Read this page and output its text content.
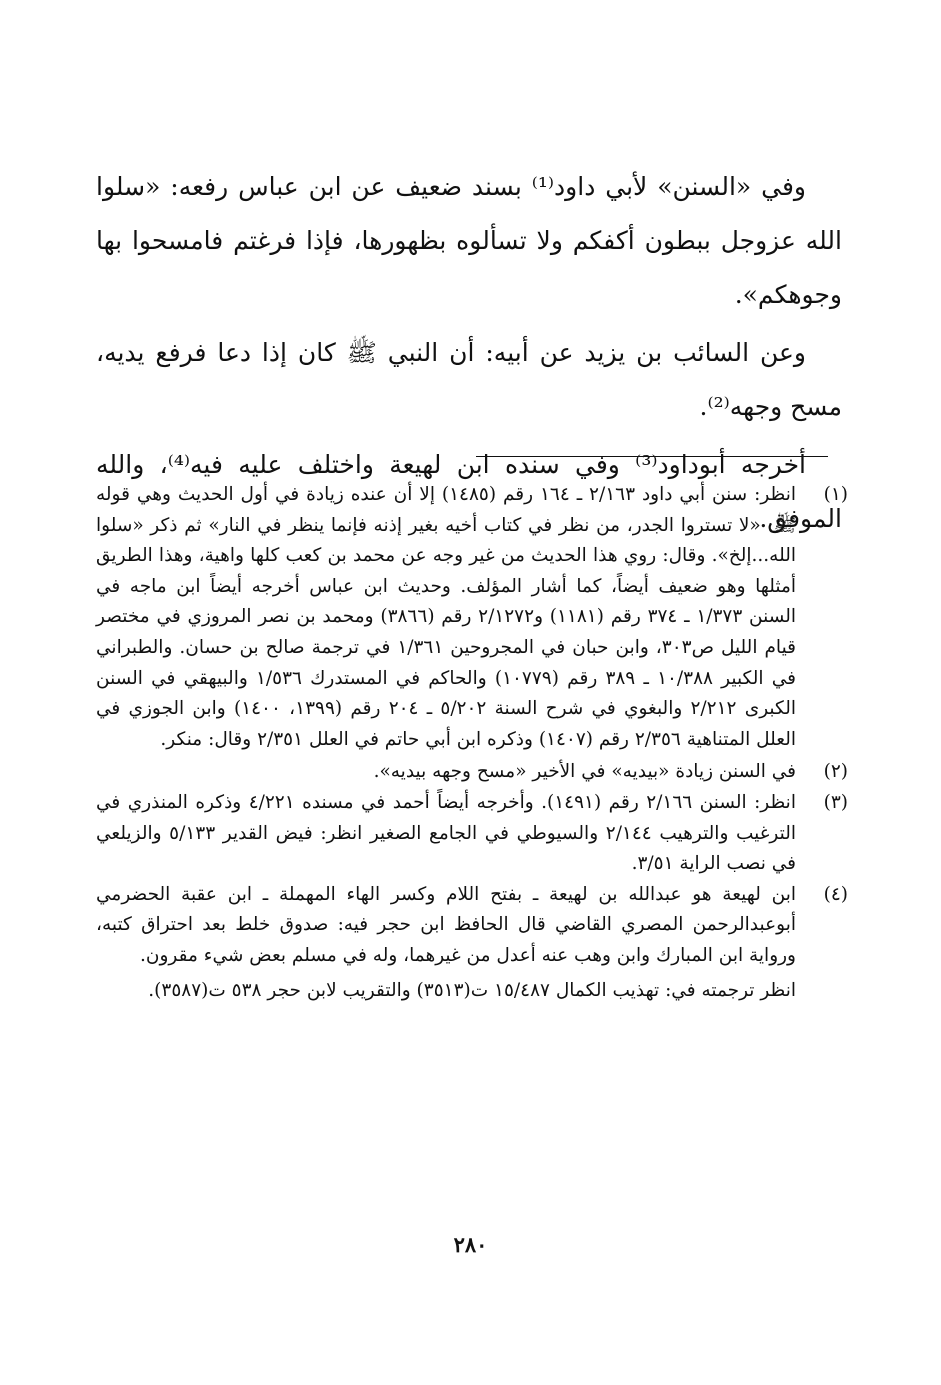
وفي «السنن» لأبي داود⁽¹⁾ بسند ضعيف عن ابن عباس رفعه: «سلوا الله عزوجل ببطون أكفكم ولا تسألوه بظهورها، فإذا فرغتم فامسحوا بها وجوهكم».

وعن السائب بن يزيد عن أبيه: أن النبي ﷺ كان إذا دعا فرفع يديه، مسح وجهه⁽²⁾.

أخرجه أبوداود⁽³⁾ وفي سنده ابن لهيعة واختلف عليه فيه⁽⁴⁾، والله الموفق.

(١)
انظر: سنن أبي داود ٢/١٦٣ ـ ١٦٤ رقم (١٤٨٥) إلا أن عنده زيادة في أول الحديث وهي قوله ﷺ: «لا تستروا الجدر، من نظر في كتاب أخيه بغير إذنه فإنما ينظر في النار» ثم ذكر «سلوا الله...إلخ». وقال: روي هذا الحديث من غير وجه عن محمد بن كعب كلها واهية، وهذا الطريق أمثلها وهو ضعيف أيضاً، كما أشار المؤلف. وحديث ابن عباس أخرجه أيضاً ابن ماجه في السنن ١/٣٧٣ ـ ٣٧٤ رقم (١١٨١) و٢/١٢٧٢ رقم (٣٨٦٦) ومحمد بن نصر المروزي في مختصر قيام الليل ص٣٠٣، وابن حبان في المجروحين ١/٣٦١ في ترجمة صالح بن حسان. والطبراني في الكبير ١٠/٣٨٨ ـ ٣٨٩ رقم (١٠٧٧٩) والحاكم في المستدرك ١/٥٣٦ والبيهقي في السنن الكبرى ٢/٢١٢ والبغوي في شرح السنة ٥/٢٠٢ ـ ٢٠٤ رقم (١٣٩٩، ١٤٠٠) وابن الجوزي في العلل المتناهية ٢/٣٥٦ رقم (١٤٠٧) وذكره ابن أبي حاتم في العلل ٢/٣٥١ وقال: منكر.
(٢)
في السنن زيادة «بيديه» في الأخير «مسح وجهه بيديه».
(٣)
انظر: السنن ٢/١٦٦ رقم (١٤٩١). وأخرجه أيضاً أحمد في مسنده ٤/٢٢١ وذكره المنذري في الترغيب والترهيب ٢/١٤٤ والسيوطي في الجامع الصغير انظر: فيض القدير ٥/١٣٣ والزيلعي في نصب الراية ٣/٥١.
(٤)
ابن لهيعة هو عبدالله بن لهيعة ـ بفتح اللام وكسر الهاء المهملة ـ ابن عقبة الحضرمي أبوعبدالرحمن المصري القاضي قال الحافظ ابن حجر فيه: صدوق خلط بعد احتراق كتبه، ورواية ابن المبارك وابن وهب عنه أعدل من غيرهما، وله في مسلم بعض شيء مقرون.
انظر ترجمته في: تهذيب الكمال ١٥/٤٨٧ ت(٣٥١٣) والتقريب لابن حجر ٥٣٨ ت(٣٥٨٧).
٢٨٠
